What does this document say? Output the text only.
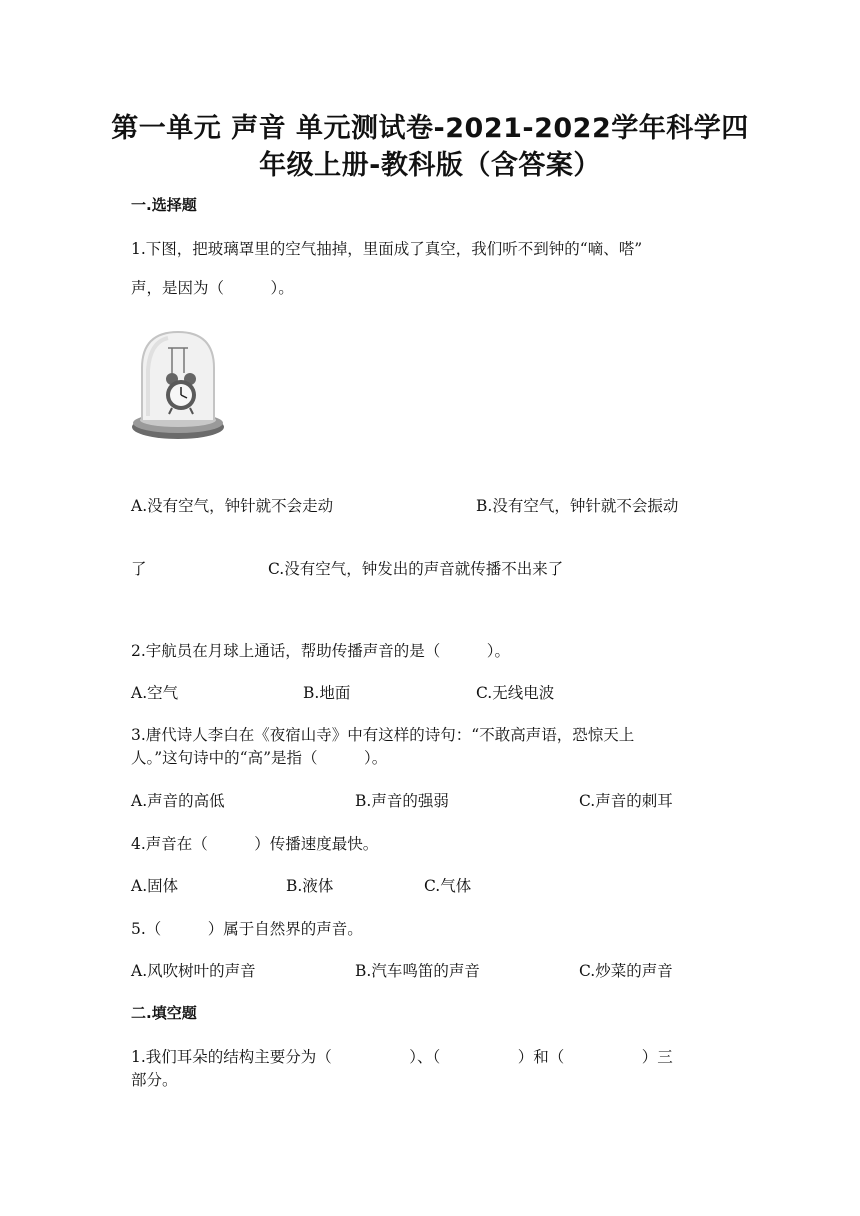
第一单元 声音 单元测试卷-2021-2022学年科学四
年级上册-教科版（含答案）
一.选择题
1.下图，把玻璃罩里的空气抽掉，里面成了真空，我们听不到钟的“嘀、嗒”
声，是因为（　　　）。
A.没有空气，钟针就不会走动	B.没有空气，钟针就不会振动
了	C.没有空气，钟发出的声音就传播不出来了
2.宇航员在月球上通话，帮助传播声音的是（　　　）。
A.空气	B.地面	C.无线电波
3.唐代诗人李白在《夜宿山寺》中有这样的诗句：“不敢高声语，恐惊天上
人。”这句诗中的“高”是指（　　　）。
A.声音的高低	B.声音的强弱	C.声音的刺耳
4.声音在（　　　）传播速度最快。
A.固体	B.液体	C.气体
5.（　　　）属于自然界的声音。
A.风吹树叶的声音	B.汽车鸣笛的声音	C.炒菜的声音
二.填空题
1.我们耳朵的结构主要分为（　　　　　）、（　　　　　）和（　　　　　）三
部分。
